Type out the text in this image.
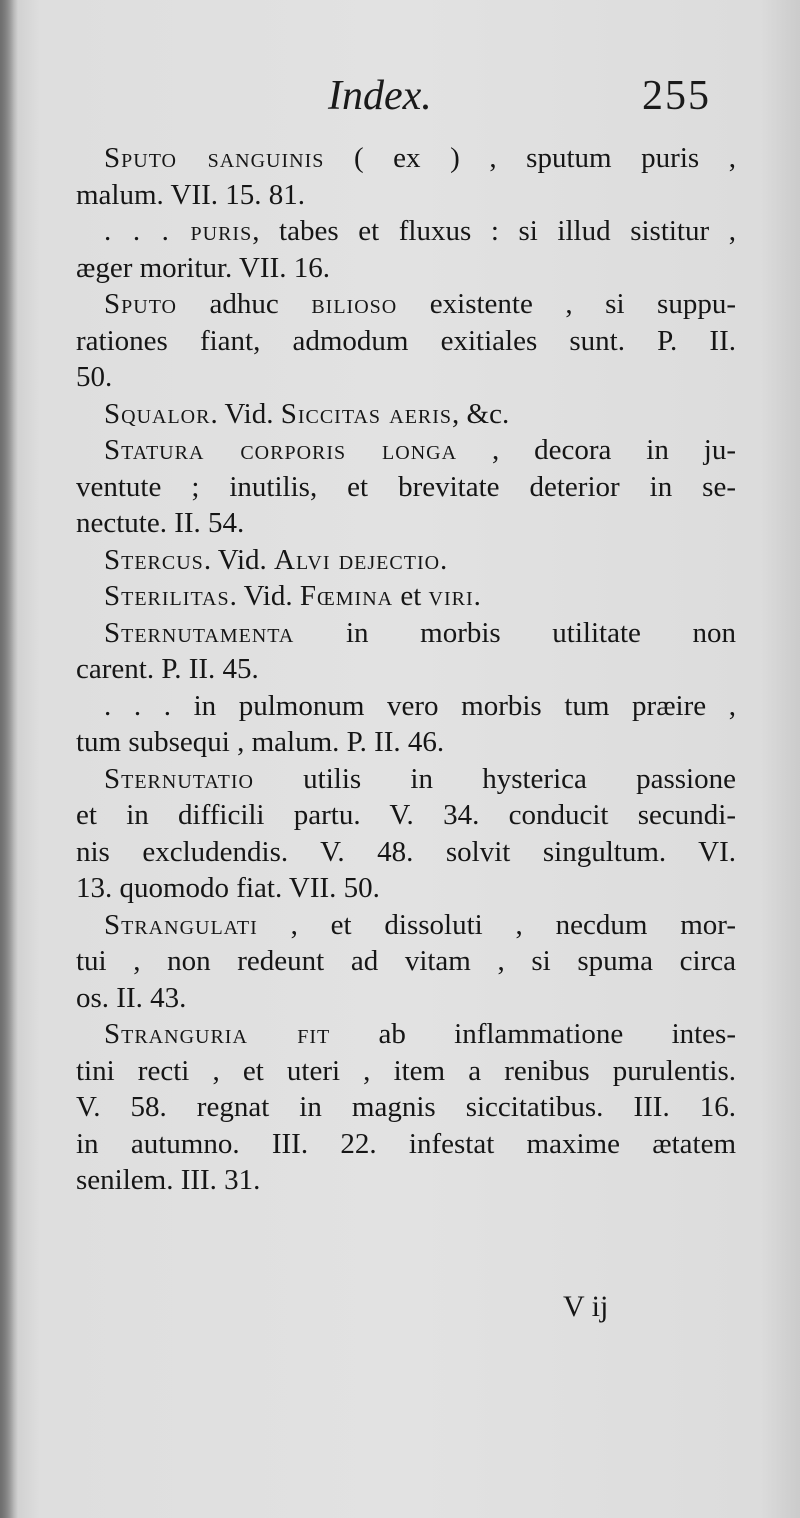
Index.	255
Sputo sanguinis ( ex ) , sputum puris ,
malum. VII. 15. 81.
. . . puris, tabes et fluxus : si illud sistitur ,
æger moritur. VII. 16.
Sputo adhuc bilioso existente , si suppu-
rationes fiant, admodum exitiales sunt. P. II.
50.
Squalor. Vid. Siccitas aeris, &c.
Statura corporis longa , decora in ju-
ventute ; inutilis, et brevitate deterior in se-
nectute. II. 54.
Stercus. Vid. Alvi dejectio.
Sterilitas. Vid. Fœmina et viri.
Sternutamenta in morbis utilitate non
carent. P. II. 45.
. . . in pulmonum vero morbis tum præire ,
tum subsequi , malum. P. II. 46.
Sternutatio utilis in hysterica passione
et in difficili partu. V. 34. conducit secundi-
nis excludendis. V. 48. solvit singultum. VI.
13. quomodo fiat. VII. 50.
Strangulati , et dissoluti , necdum mor-
tui , non redeunt ad vitam , si spuma circa
os. II. 43.
Stranguria fit ab inflammatione intes-
tini recti , et uteri , item a renibus purulentis.
V. 58. regnat in magnis siccitatibus. III. 16.
in autumno. III. 22. infestat maxime ætatem
senilem. III. 31.
V ij
